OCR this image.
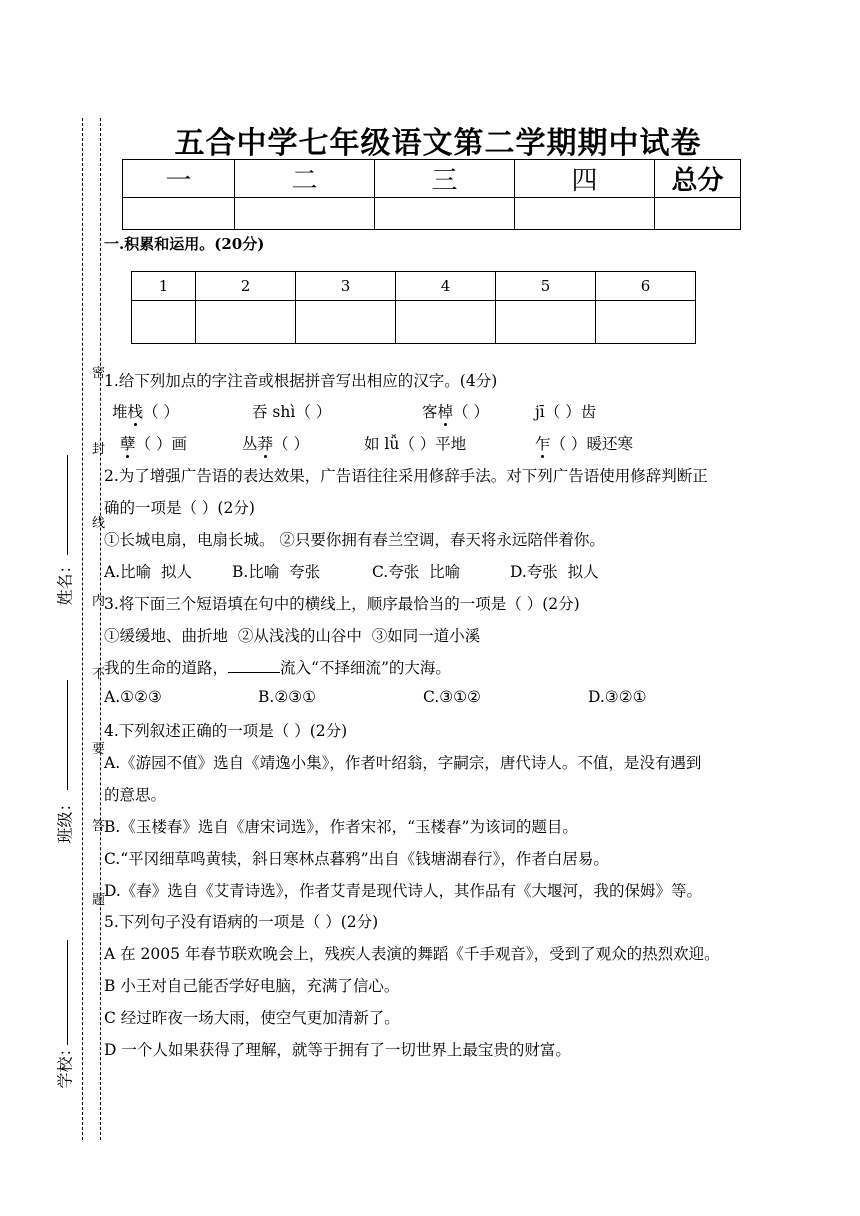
密
封
线
内
不
要
答
题
姓名：
班级：
学校：
五合中学七年级语文第二学期期中试卷
一	二	三	四	总分

一.积累和运用。(20分)
1	2	3	4	5	6

1.给下列加点的字注音或根据拼音写出相应的汉字。(4分)
堆栈（ ）	吞 shì（ ）	客棹（ ）	jī（ ）齿
孽（ ）画	丛莽（ ）	如 lǚ（ ）平地	乍（ ）暖还寒
2.为了增强广告语的表达效果，广告语往往采用修辞手法。对下列广告语使用修辞判断正
确的一项是（ ）(2分)
①长城电扇，电扇长城。 ②只要你拥有春兰空调，春天将永远陪伴着你。
A.比喻  拟人	B.比喻  夸张	C.夸张  比喻	D.夸张  拟人
3.将下面三个短语填在句中的横线上，顺序最恰当的一项是（ ）(2分)
①缓缓地、曲折地  ②从浅浅的山谷中  ③如同一道小溪
我的生命的道路，	流入“不择细流”的大海。
A.①②③	B.②③①	C.③①②	D.③②①
4.下列叙述正确的一项是（ ）(2分)
A.《游园不值》选自《靖逸小集》，作者叶绍翁，字嗣宗，唐代诗人。不值，是没有遇到
的意思。
B.《玉楼春》选自《唐宋词选》，作者宋祁，“玉楼春”为该词的题目。
C.“平冈细草鸣黄犊，斜日寒林点暮鸦”出自《钱塘湖春行》，作者白居易。
D.《春》选自《艾青诗选》，作者艾青是现代诗人，其作品有《大堰河，我的保姆》等。
5.下列句子没有语病的一项是（ ）(2分)
A 在 2005 年春节联欢晚会上，残疾人表演的舞蹈《千手观音》，受到了观众的热烈欢迎。
B 小王对自己能否学好电脑，充满了信心。
C 经过昨夜一场大雨，使空气更加清新了。
D 一个人如果获得了理解，就等于拥有了一切世界上最宝贵的财富。
